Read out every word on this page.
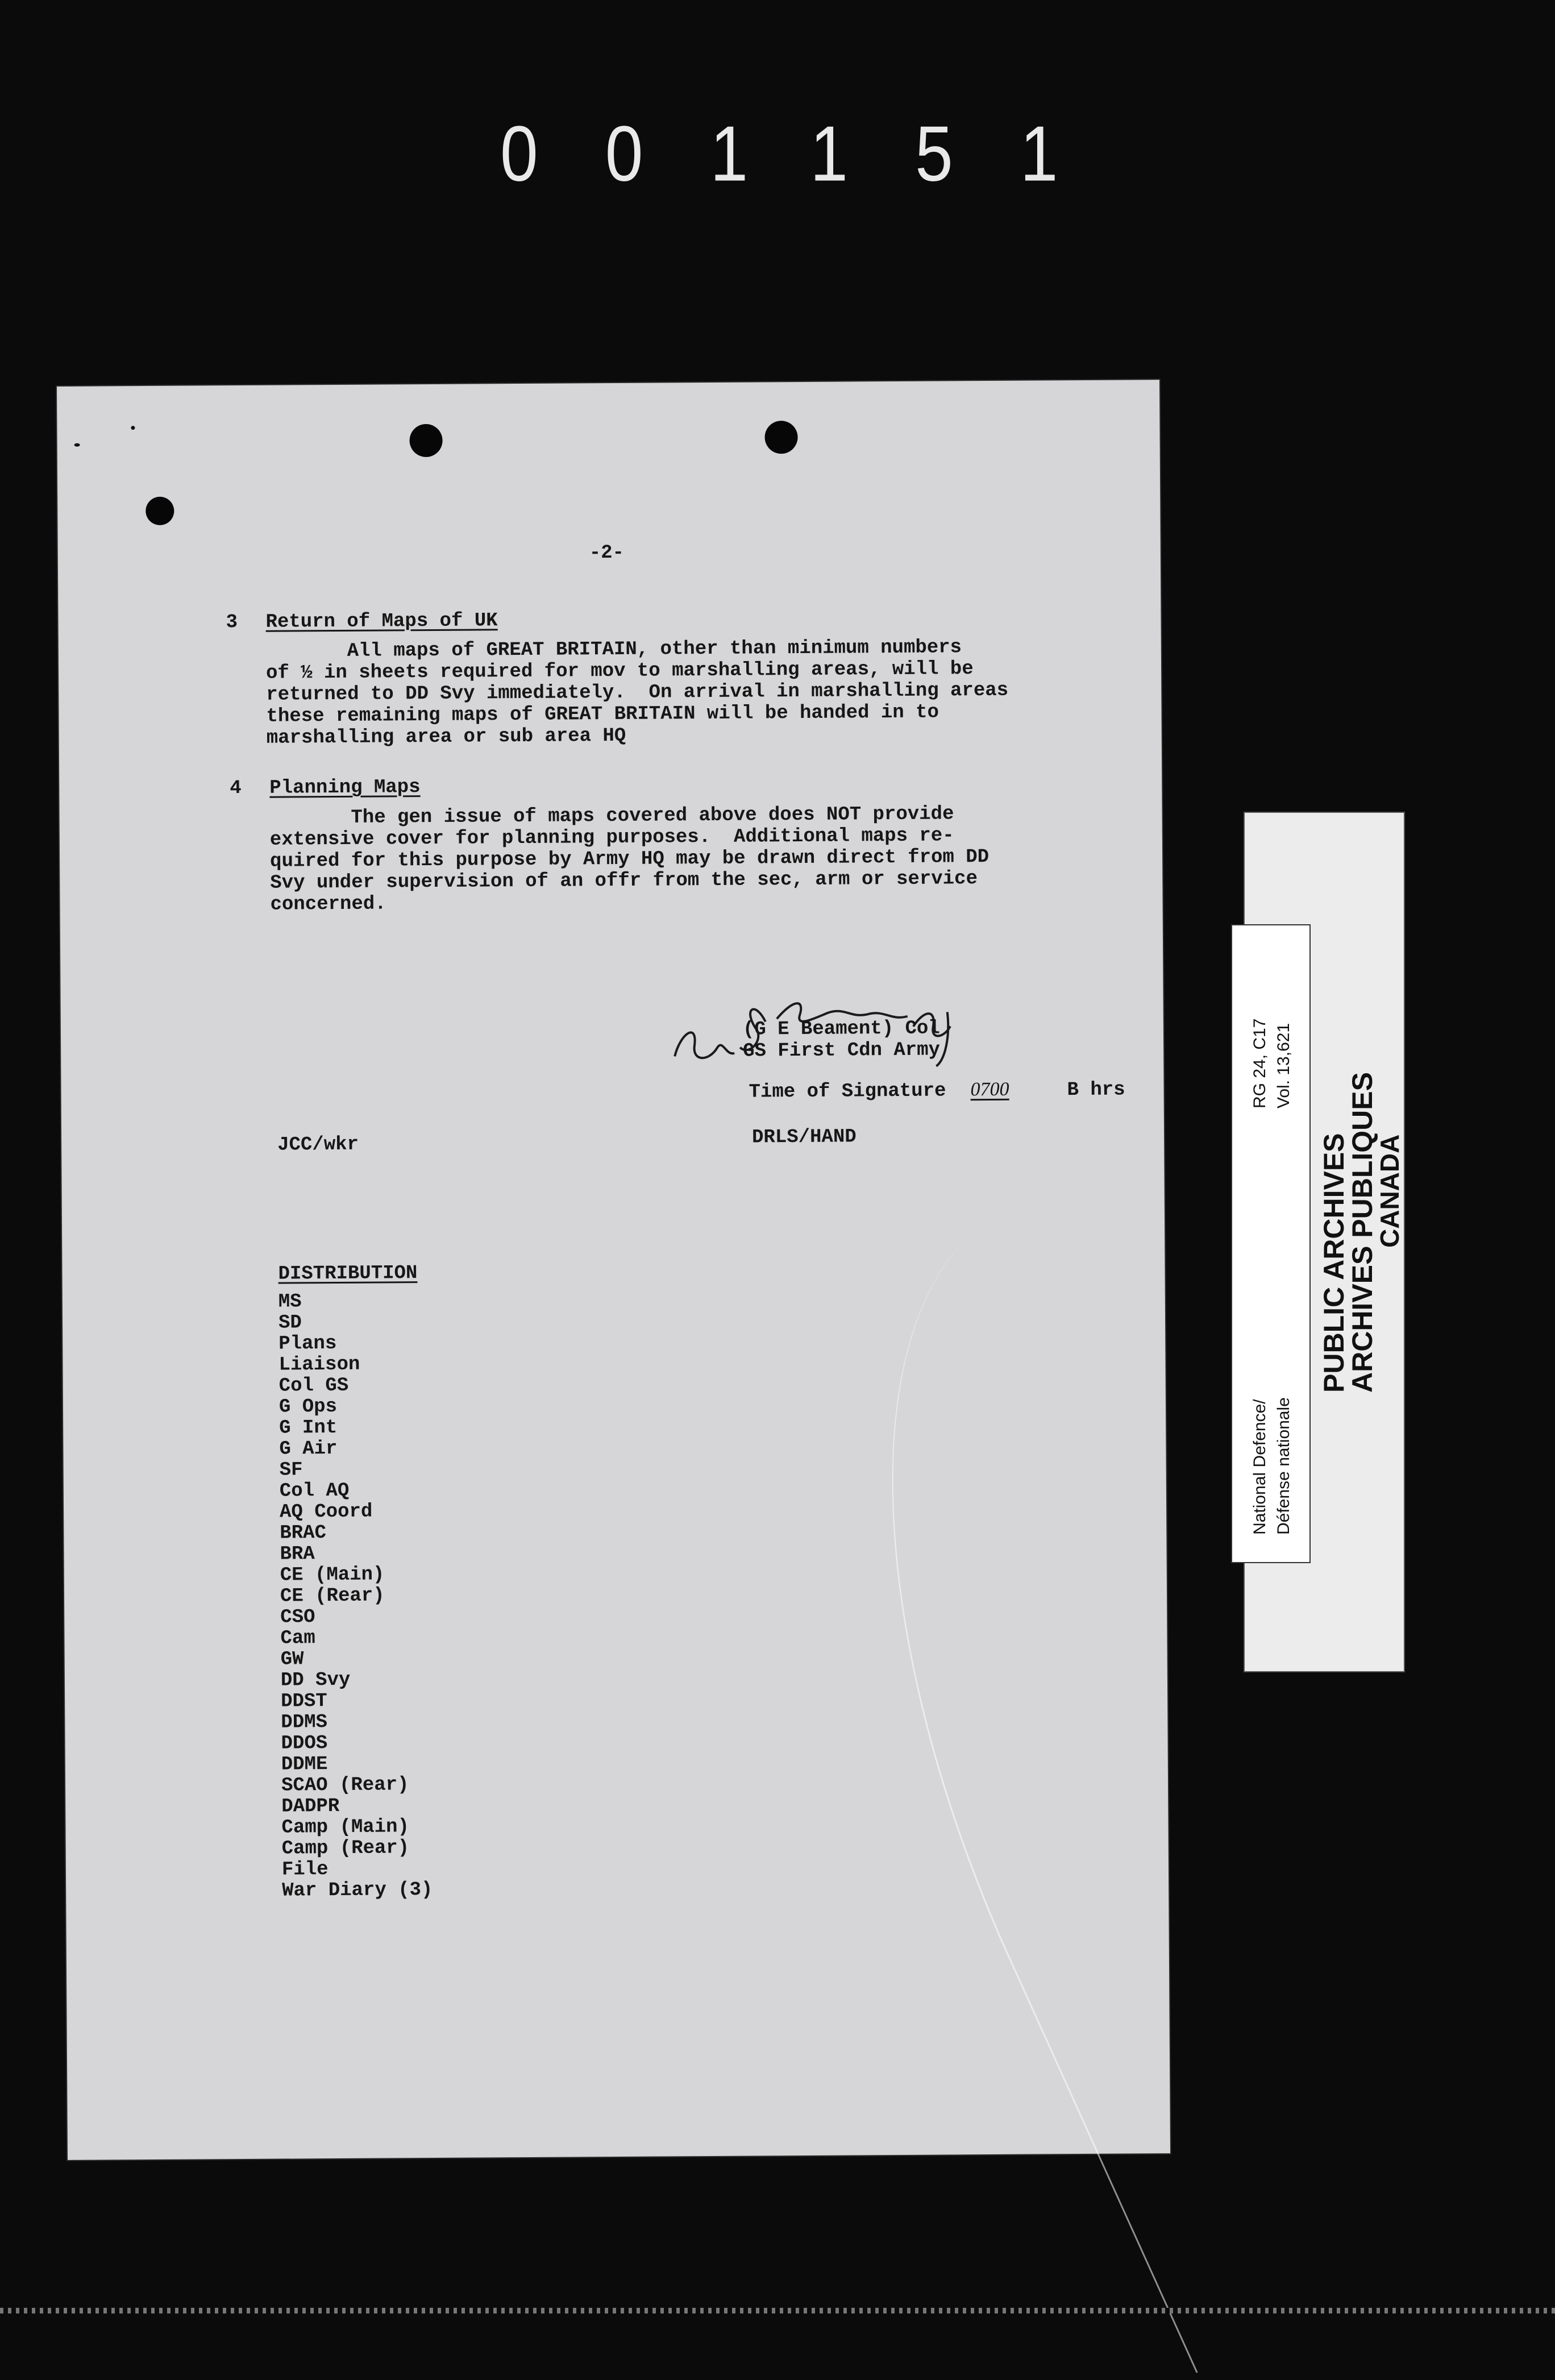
001151
-2-
3 Return of Maps of UK
All maps of GREAT BRITAIN, other than minimum numbers
of ½ in sheets required for mov to marshalling areas, will be
returned to DD Svy immediately.  On arrival in marshalling areas
these remaining maps of GREAT BRITAIN will be handed in to
marshalling area or sub area HQ
4 Planning Maps
The gen issue of maps covered above does NOT provide
extensive cover for planning purposes.  Additional maps re-
quired for this purpose by Army HQ may be drawn direct from DD
Svy under supervision of an offr from the sec, arm or service
concerned.
(G E Beament) Col
GS First Cdn Army
Time of Signature 0700	B hrs
JCC/wkr	DRLS/HAND
DISTRIBUTION
MS
SD
Plans
Liaison
Col GS
G Ops
G Int
G Air
SF
Col AQ
AQ Coord
BRAC
BRA
CE (Main)
CE (Rear)
CSO
Cam
GW
DD Svy
DDST
DDMS
DDOS
DDME
SCAO (Rear)
DADPR
Camp (Main)
Camp (Rear)
File
War Diary (3)
PUBLIC ARCHIVES
ARCHIVES PUBLIQUES
CANADA
RG 24, C17 Vol. 13,621
National Defence/ Défense nationale
